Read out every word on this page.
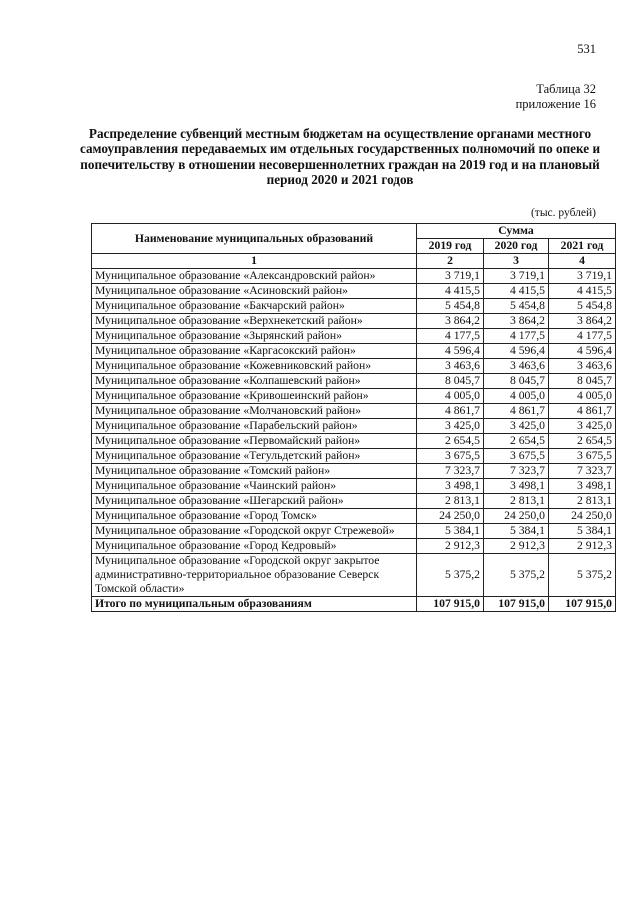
531
Таблица 32
приложение 16
Распределение субвенций местным бюджетам на осуществление органами местного самоуправления передаваемых им отдельных государственных полномочий по опеке и попечительству в отношении несовершеннолетних граждан на 2019 год и на плановый период 2020 и 2021 годов
(тыс. рублей)
Наименование муниципальных образований	Сумма		
	2019 год	2020 год	2021 год
1	2	3	4
Муниципальное образование «Александровский район»	3 719,1	3 719,1	3 719,1
Муниципальное образование «Асиновский район»	4 415,5	4 415,5	4 415,5
Муниципальное образование «Бакчарский район»	5 454,8	5 454,8	5 454,8
Муниципальное образование «Верхнекетский район»	3 864,2	3 864,2	3 864,2
Муниципальное образование «Зырянский район»	4 177,5	4 177,5	4 177,5
Муниципальное образование «Каргасокский район»	4 596,4	4 596,4	4 596,4
Муниципальное образование «Кожевниковский район»	3 463,6	3 463,6	3 463,6
Муниципальное образование «Колпашевский район»	8 045,7	8 045,7	8 045,7
Муниципальное образование «Кривошеинский район»	4 005,0	4 005,0	4 005,0
Муниципальное образование «Молчановский район»	4 861,7	4 861,7	4 861,7
Муниципальное образование «Парабельский район»	3 425,0	3 425,0	3 425,0
Муниципальное образование «Первомайский район»	2 654,5	2 654,5	2 654,5
Муниципальное образование «Тегульдетский район»	3 675,5	3 675,5	3 675,5
Муниципальное образование «Томский район»	7 323,7	7 323,7	7 323,7
Муниципальное образование «Чаинский район»	3 498,1	3 498,1	3 498,1
Муниципальное образование «Шегарский район»	2 813,1	2 813,1	2 813,1
Муниципальное образование «Город Томск»	24 250,0	24 250,0	24 250,0
Муниципальное образование «Городской округ Стрежевой»	5 384,1	5 384,1	5 384,1
Муниципальное образование «Город Кедровый»	2 912,3	2 912,3	2 912,3
Муниципальное образование «Городской округ закрытое административно-территориальное образование Северск Томской области»	5 375,2	5 375,2	5 375,2
Итого по муниципальным образованиям	107 915,0	107 915,0	107 915,0
